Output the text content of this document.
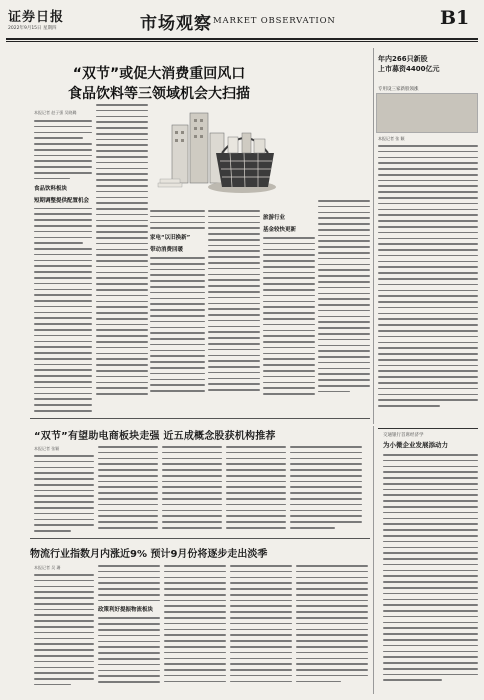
证券日报
2022年9月15日 星期四	市场观察 MARKET OBSERVATION	B1
“双节”或促大消费重回风口
食品饮料等三领域机会大扫描
本报记者 赵子强 吴晓璐
食品饮料板块
短期调整提供配置机会
家电“以旧换新”
带动消费回暖
旅游行业
基金较快更新
年内266只新股
上市募资4400亿元
专用设三家新股领涨
本报记者 张 颖
“双节”有望助电商板块走强 近五成概念股获机构推荐
本报记者 张颖
交通银行首席经济学
为小微企业发展添动力
物流行业指数月内涨近9% 预计9月份将逐步走出淡季
本报记者 吴 珊
政策利好提振物流板块
